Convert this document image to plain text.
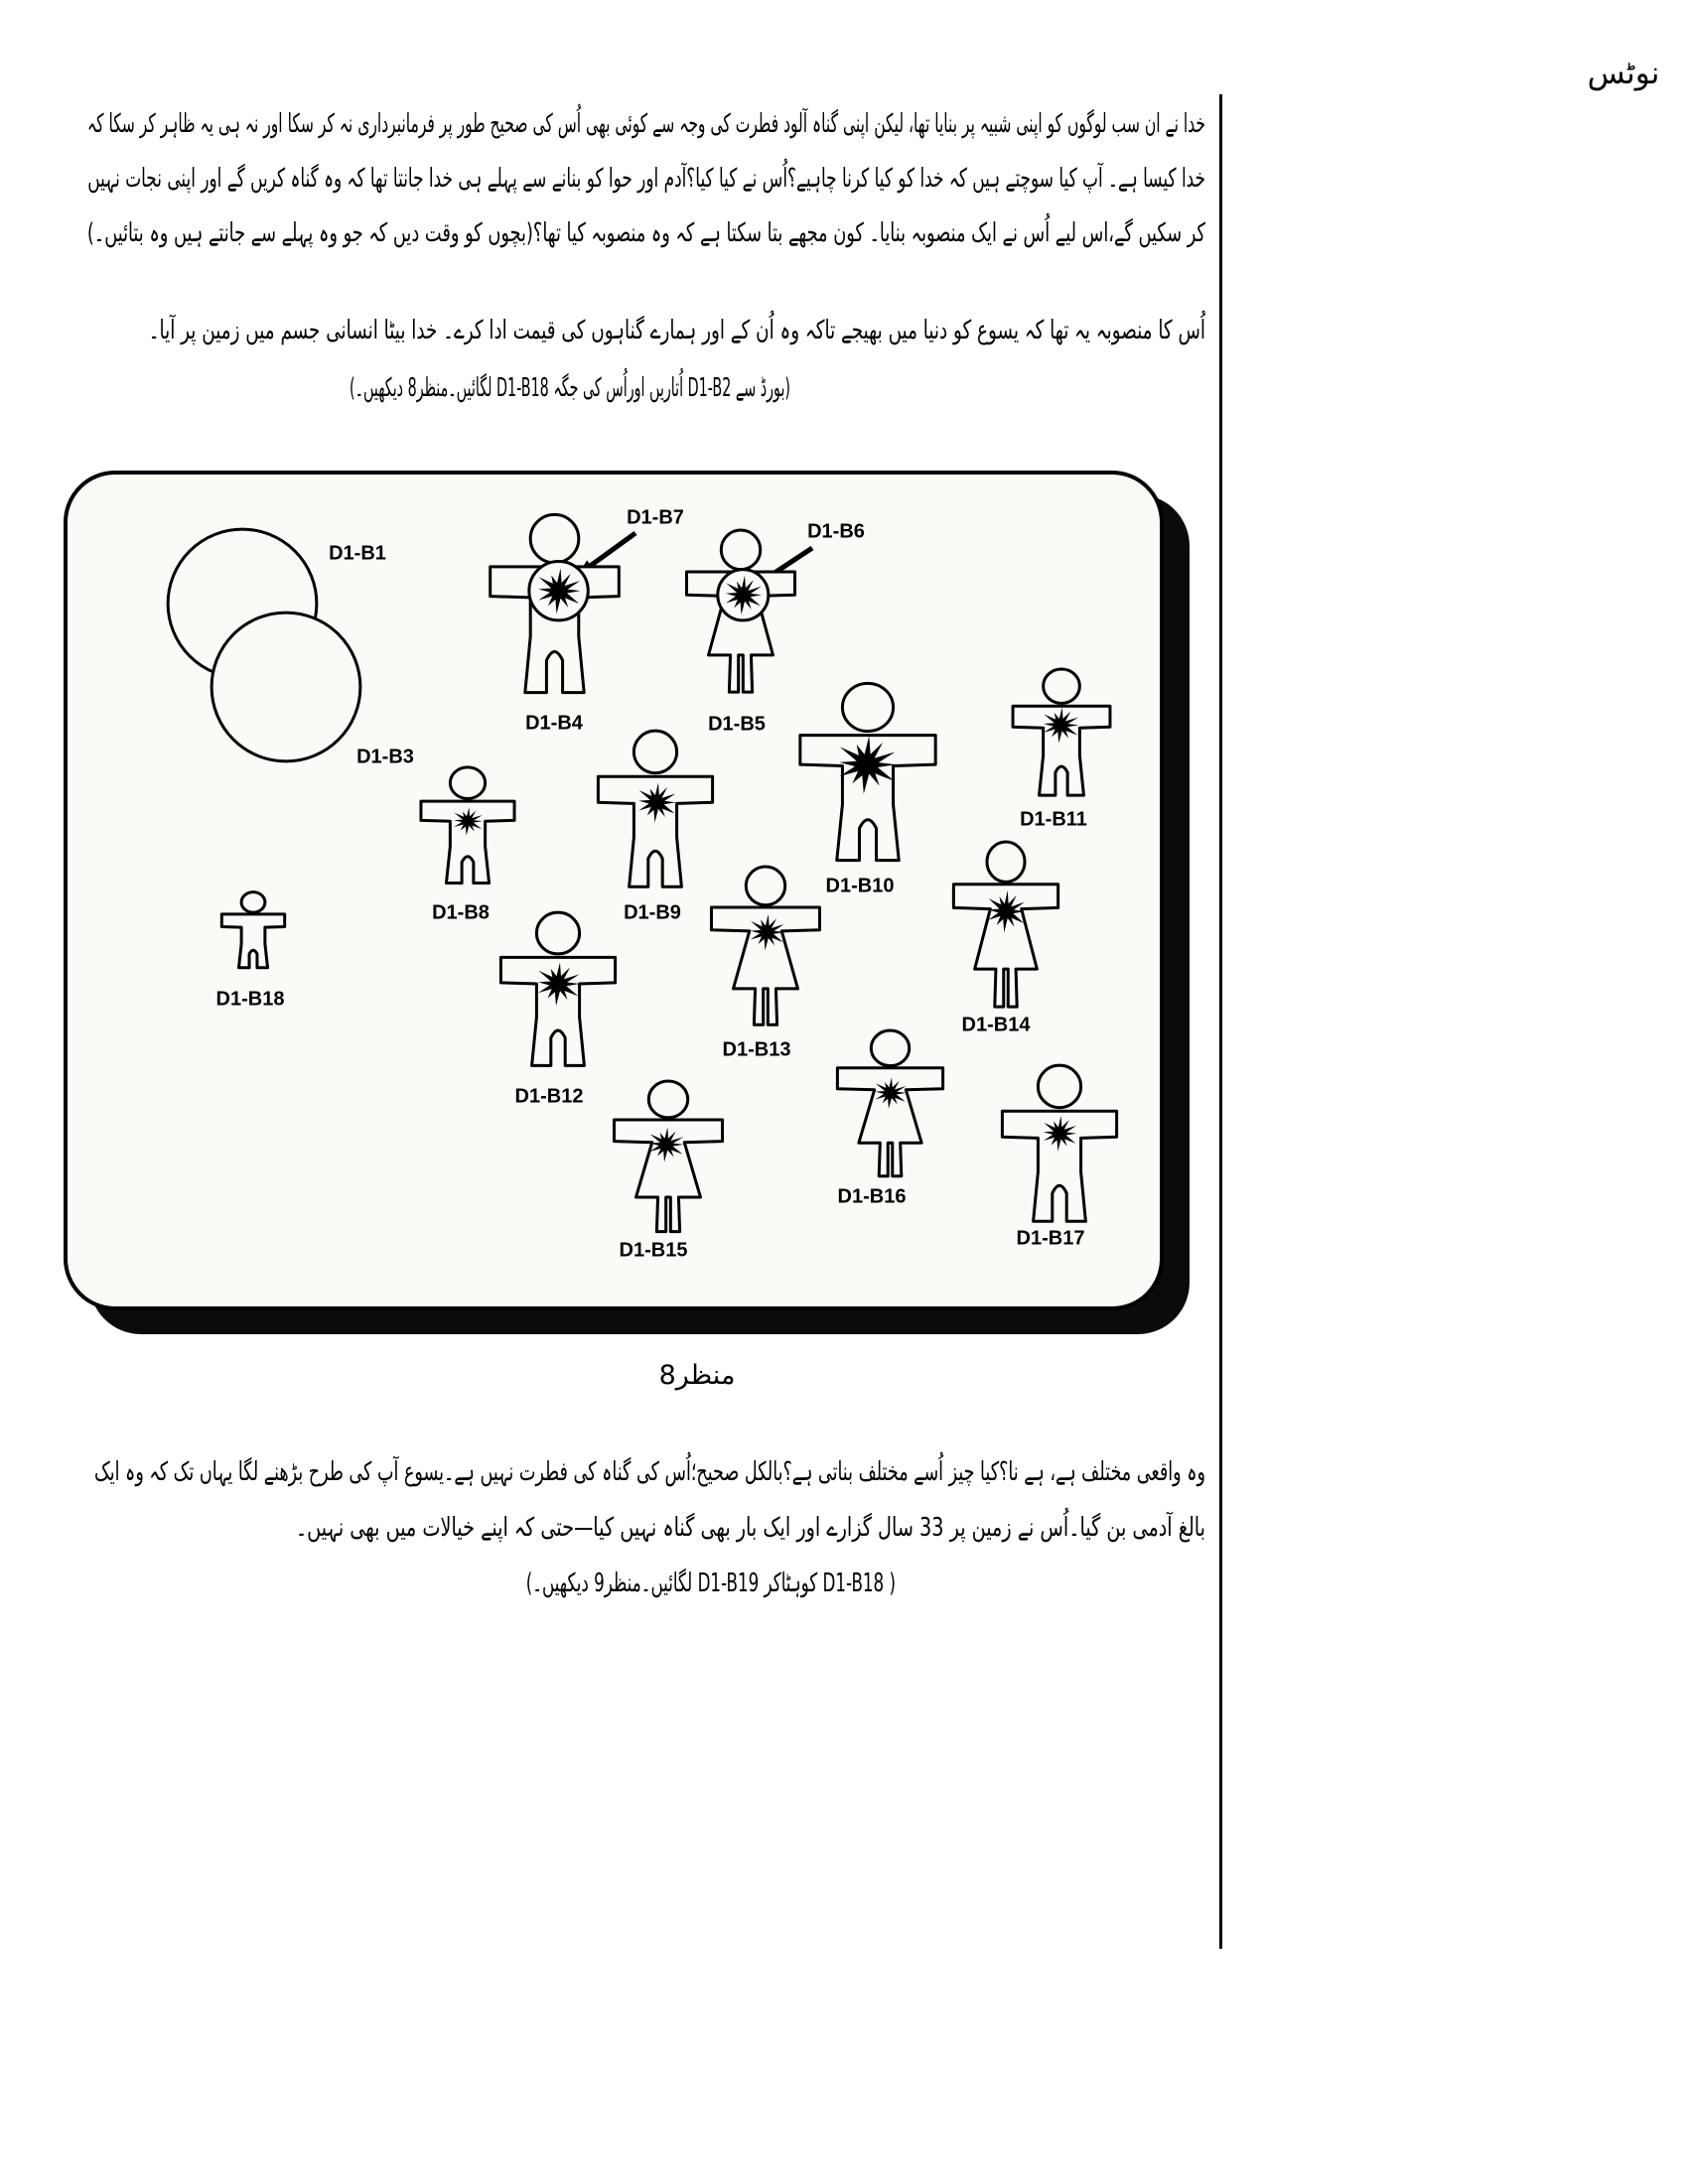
نوٹس
خدا نے ان سب لوگوں کو اپنی شبیہ پر بنایا تھا، لیکن اپنی گناہ آلود فطرت کی وجہ سے کوئی بھی اُس کی صحیح طور پر فرمانبرداری نہ کر سکا اور نہ ہی یہ ظاہر کر سکا کہ
خدا کیسا ہے۔ آپ کیا سوچتے ہیں کہ خدا کو کیا کرنا چاہیے؟اُس نے کیا کیا؟آدم اور حوا کو بنانے سے پہلے ہی خدا جانتا تھا کہ وہ گناہ کریں گے اور اپنی نجات نہیں
کر سکیں گے،اس لیے اُس نے ایک منصوبہ بنایا۔ کون مجھے بتا سکتا ہے کہ وہ منصوبہ کیا تھا؟(بچوں کو وقت دیں کہ جو وہ پہلے سے جانتے ہیں وہ بتائیں۔)
اُس کا منصوبہ یہ تھا کہ یسوع کو دنیا میں بھیجے تاکہ وہ اُن کے اور ہمارے گناہوں کی قیمت ادا کرے۔ خدا بیٹا انسانی جسم میں زمین پر آیا۔
(بورڈ سے D1-B2 اُتاریں اوراُس کی جگہ D1-B18 لگائیں۔منظر8 دیکھیں۔)
منظر8
وہ واقعی مختلف ہے، ہے نا؟کیا چیز اُسے مختلف بناتی ہے؟بالکل صحیح؛اُس کی گناہ کی فطرت نہیں ہے۔یسوع آپ کی طرح بڑھنے لگا یہاں تک کہ وہ ایک
بالغ آدمی بن گیا۔اُس نے زمین پر 33 سال گزارے اور ایک بار بھی گناہ نہیں کیا—حتی کہ اپنے خیالات میں بھی نہیں۔
( D1-B18 کوہٹاکر D1-B19 لگائیں۔منظر9 دیکھیں۔)
D1-B1
D1-B3
D1-B4	D1-B5
D1-B10
D1-B11
D1-B8	D1-B9
D1-B13
D1-B14
D1-B18
D1-B12
D1-B15
D1-B16
D1-B17
D1-B7
D1-B6
